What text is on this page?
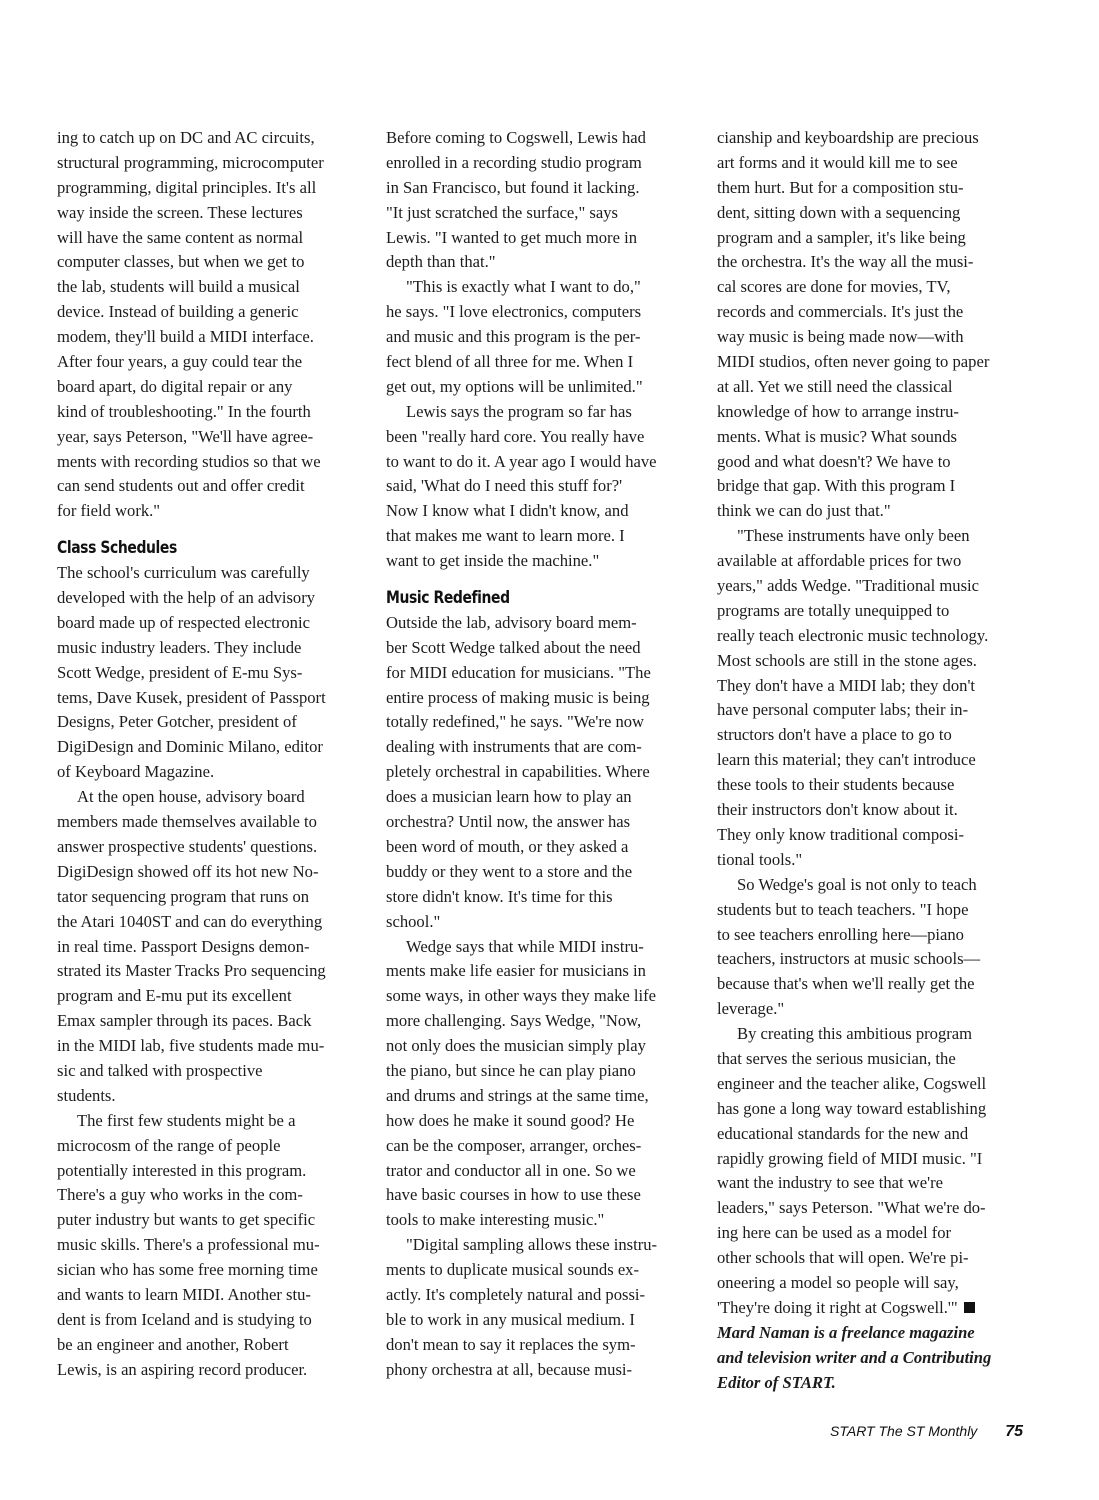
ing to catch up on DC and AC circuits,
structural programming, microcomputer
programming, digital principles. It's all
way inside the screen. These lectures
will have the same content as normal
computer classes, but when we get to
the lab, students will build a musical
device. Instead of building a generic
modem, they'll build a MIDI interface.
After four years, a guy could tear the
board apart, do digital repair or any
kind of troubleshooting." In the fourth
year, says Peterson, "We'll have agree-
ments with recording studios so that we
can send students out and offer credit
for field work."
Class Schedules
The school's curriculum was carefully
developed with the help of an advisory
board made up of respected electronic
music industry leaders. They include
Scott Wedge, president of E-mu Sys-
tems, Dave Kusek, president of Passport
Designs, Peter Gotcher, president of
DigiDesign and Dominic Milano, editor
of Keyboard Magazine.
At the open house, advisory board
members made themselves available to
answer prospective students' questions.
DigiDesign showed off its hot new No-
tator sequencing program that runs on
the Atari 1040ST and can do everything
in real time. Passport Designs demon-
strated its Master Tracks Pro sequencing
program and E-mu put its excellent
Emax sampler through its paces. Back
in the MIDI lab, five students made mu-
sic and talked with prospective
students.
The first few students might be a
microcosm of the range of people
potentially interested in this program.
There's a guy who works in the com-
puter industry but wants to get specific
music skills. There's a professional mu-
sician who has some free morning time
and wants to learn MIDI. Another stu-
dent is from Iceland and is studying to
be an engineer and another, Robert
Lewis, is an aspiring record producer.
Before coming to Cogswell, Lewis had
enrolled in a recording studio program
in San Francisco, but found it lacking.
"It just scratched the surface," says
Lewis. "I wanted to get much more in
depth than that."
"This is exactly what I want to do,"
he says. "I love electronics, computers
and music and this program is the per-
fect blend of all three for me. When I
get out, my options will be unlimited."
Lewis says the program so far has
been "really hard core. You really have
to want to do it. A year ago I would have
said, 'What do I need this stuff for?'
Now I know what I didn't know, and
that makes me want to learn more. I
want to get inside the machine."
Music Redefined
Outside the lab, advisory board mem-
ber Scott Wedge talked about the need
for MIDI education for musicians. "The
entire process of making music is being
totally redefined," he says. "We're now
dealing with instruments that are com-
pletely orchestral in capabilities. Where
does a musician learn how to play an
orchestra? Until now, the answer has
been word of mouth, or they asked a
buddy or they went to a store and the
store didn't know. It's time for this
school."
Wedge says that while MIDI instru-
ments make life easier for musicians in
some ways, in other ways they make life
more challenging. Says Wedge, "Now,
not only does the musician simply play
the piano, but since he can play piano
and drums and strings at the same time,
how does he make it sound good? He
can be the composer, arranger, orches-
trator and conductor all in one. So we
have basic courses in how to use these
tools to make interesting music."
"Digital sampling allows these instru-
ments to duplicate musical sounds ex-
actly. It's completely natural and possi-
ble to work in any musical medium. I
don't mean to say it replaces the sym-
phony orchestra at all, because musi-
cianship and keyboardship are precious
art forms and it would kill me to see
them hurt. But for a composition stu-
dent, sitting down with a sequencing
program and a sampler, it's like being
the orchestra. It's the way all the musi-
cal scores are done for movies, TV,
records and commercials. It's just the
way music is being made now—with
MIDI studios, often never going to paper
at all. Yet we still need the classical
knowledge of how to arrange instru-
ments. What is music? What sounds
good and what doesn't? We have to
bridge that gap. With this program I
think we can do just that."
"These instruments have only been
available at affordable prices for two
years," adds Wedge. "Traditional music
programs are totally unequipped to
really teach electronic music technology.
Most schools are still in the stone ages.
They don't have a MIDI lab; they don't
have personal computer labs; their in-
structors don't have a place to go to
learn this material; they can't introduce
these tools to their students because
their instructors don't know about it.
They only know traditional composi-
tional tools."
So Wedge's goal is not only to teach
students but to teach teachers. "I hope
to see teachers enrolling here—piano
teachers, instructors at music schools—
because that's when we'll really get the
leverage."
By creating this ambitious program
that serves the serious musician, the
engineer and the teacher alike, Cogswell
has gone a long way toward establishing
educational standards for the new and
rapidly growing field of MIDI music. "I
want the industry to see that we're
leaders," says Peterson. "What we're do-
ing here can be used as a model for
other schools that will open. We're pi-
oneering a model so people will say,
'They're doing it right at Cogswell.'"
Mard Naman is a freelance magazine
and television writer and a Contributing
Editor of START.
START The ST Monthly 75
